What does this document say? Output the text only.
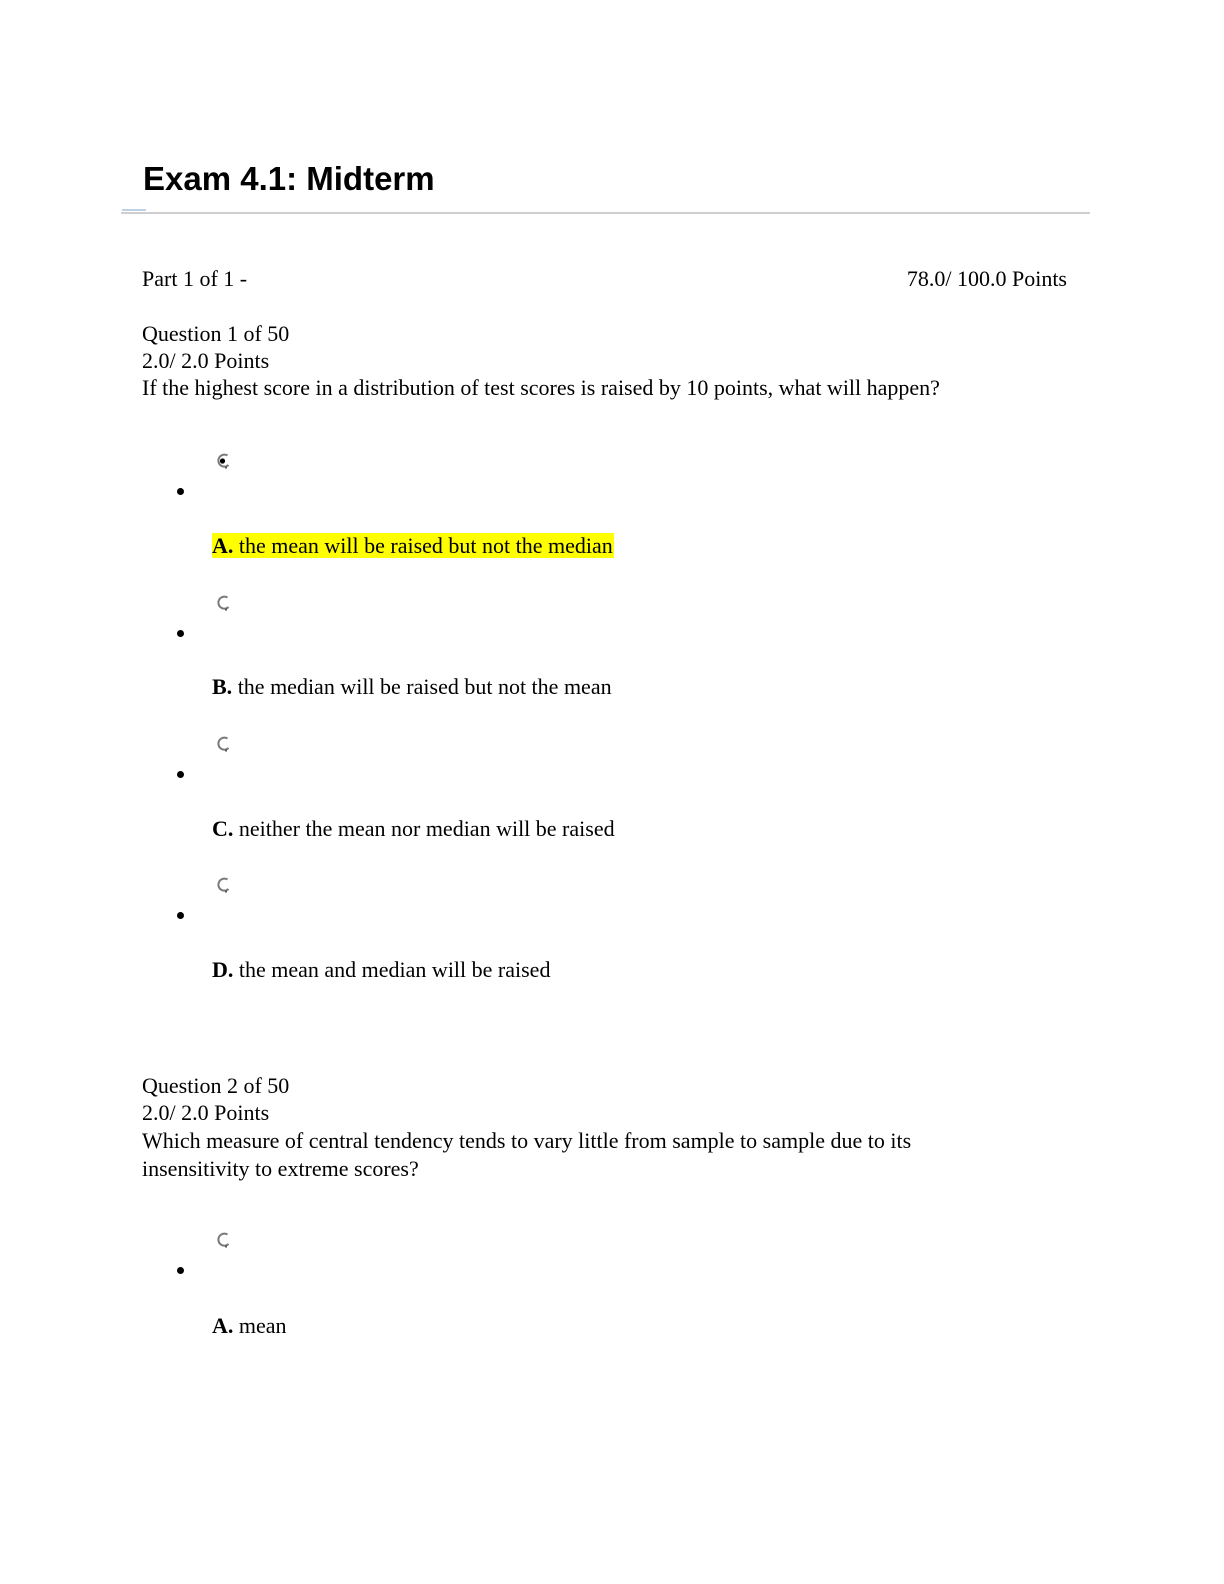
Exam 4.1: Midterm
Part 1 of 1 -	78.0/ 100.0 Points
Question 1 of 50
2.0/ 2.0 Points
If the highest score in a distribution of test scores is raised by 10 points, what will happen?
A. the mean will be raised but not the median
B. the median will be raised but not the mean
C. neither the mean nor median will be raised
D. the mean and median will be raised
Question 2 of 50
2.0/ 2.0 Points
Which measure of central tendency tends to vary little from sample to sample due to its insensitivity to extreme scores?
A. mean
